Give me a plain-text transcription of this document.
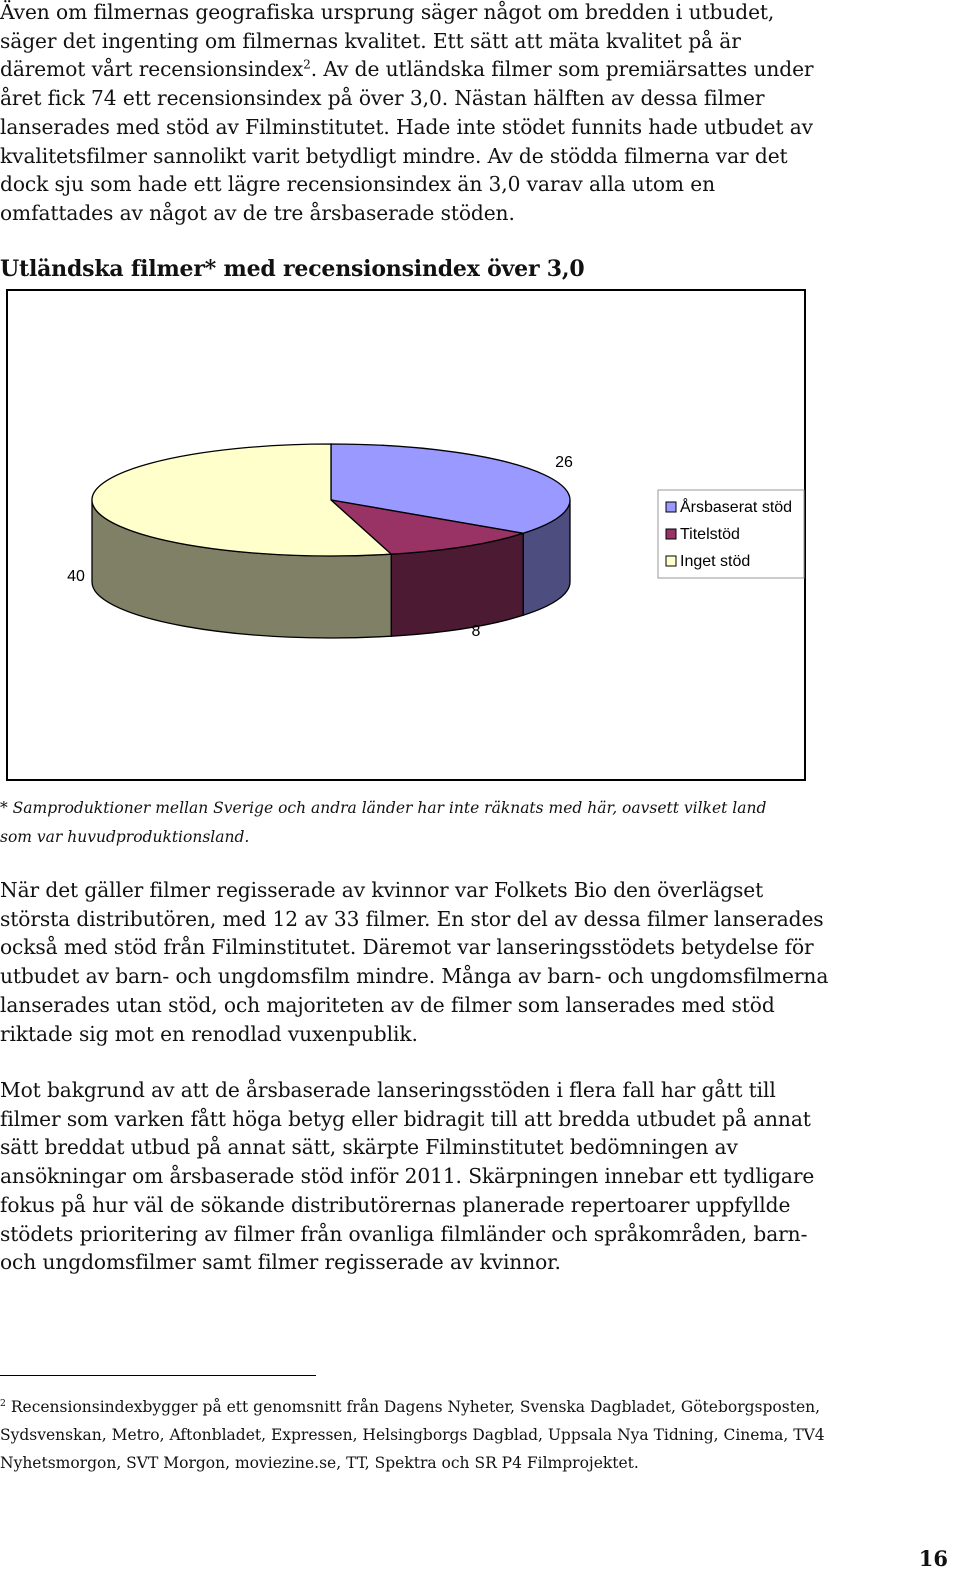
Även om filmernas geografiska ursprung säger något om bredden i utbudet, säger det ingenting om filmernas kvalitet. Ett sätt att mäta kvalitet på är däremot vårt recensionsindex$^2$. Av de utländska filmer som premiärsattes under året fick 74 ett recensionsindex på över 3,0. Nästan hälften av dessa filmer lanserades med stöd av Filminstitutet. Hade inte stödet funnits hade utbudet av kvalitetsfilmer sannolikt varit betydligt mindre. Av de stödda filmerna var det dock sju som hade ett lägre recensionsindex än 3,0 varav alla utom en omfattades av något av de tre årsbaserade stöden.

Utländska filmer* med recensionsindex över 3,0
26
8
40
Årsbaserat stöd
Titelstöd
Inget stöd

* Samproduktioner mellan Sverige och andra länder har inte räknats med här, oavsett vilket land som var huvudproduktionsland.

När det gäller filmer regisserade av kvinnor var Folkets Bio den överlägset största distributören, med 12 av 33 filmer. En stor del av dessa filmer lanserades också med stöd från Filminstitutet. Däremot var lanseringsstödets betydelse för utbudet av barn- och ungdomsfilm mindre. Många av barn- och ungdomsfilmerna lanserades utan stöd, och majoriteten av de filmer som lanserades med stöd riktade sig mot en renodlad vuxenpublik.

Mot bakgrund av att de årsbaserade lanseringsstöden i flera fall har gått till filmer som varken fått höga betyg eller bidragit till att bredda utbudet på annat sätt breddat utbud på annat sätt, skärpte Filminstitutet bedömningen av ansökningar om årsbaserade stöd inför 2011. Skärpningen innebar ett tydligare fokus på hur väl de sökande distributörernas planerade repertoarer uppfyllde stödets prioritering av filmer från ovanliga filmländer och språkområden, barn- och ungdomsfilmer samt filmer regisserade av kvinnor.

$^2$ Recensionsindexbygger på ett genomsnitt från Dagens Nyheter, Svenska Dagbladet, Göteborgsposten, Sydsvenskan, Metro, Aftonbladet, Expressen, Helsingborgs Dagblad, Uppsala Nya Tidning, Cinema, TV4 Nyhetsmorgon, SVT Morgon, moviezine.se, TT, Spektra och SR P4 Filmprojektet.

16
